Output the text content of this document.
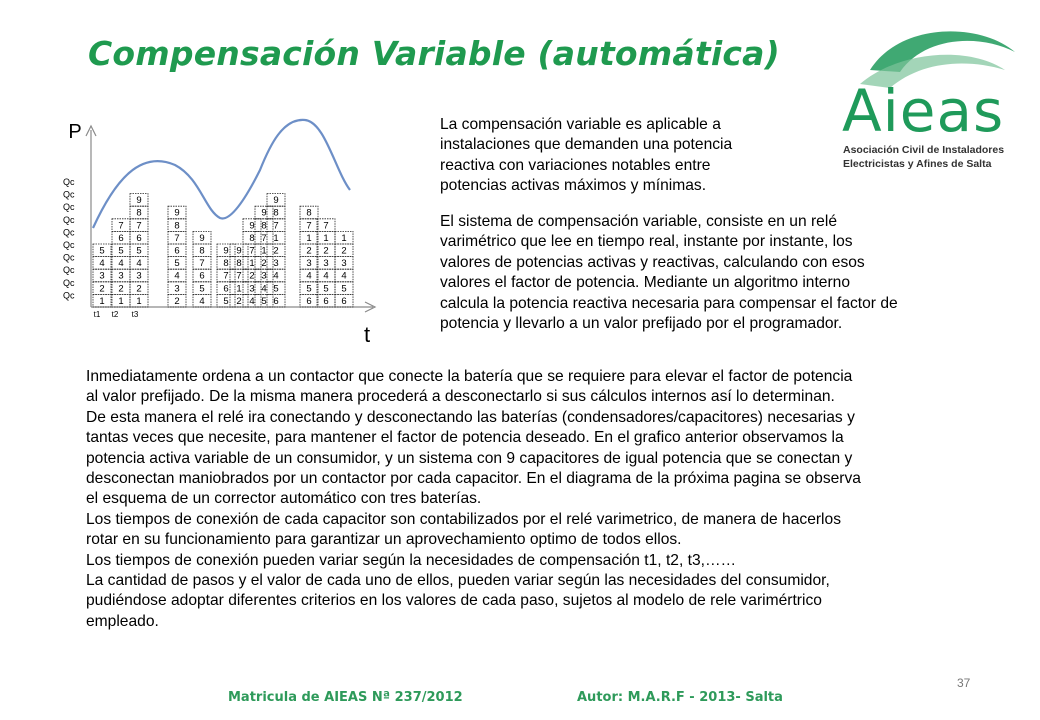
Compensación Variable (automática)
Aieas
Asociación Civil de Instaladores
Electricistas y Afines de Salta
P
t
Qc
Qc
Qc
Qc
Qc
Qc
Qc
Qc
Qc
Qc
t1 t2 t3
1
2
3
4
5
1
2
3
4
5
6
7
1
2
3
4
5
6
7
8
9
2
3
4
5
6
7
8
9
4
5
6
7
8
9
5
6
7
8
9
2
1
7
8
9
4
3
2
1
7
8
9
5
4
3
2
1
7
8
9
6
5
4
3
2
1
7
8
9
6
5
4
3
2
1
7
8
6
5
4
3
2
1
7
6
5
4
3
2
1
La compensación variable es aplicable a
instalaciones que demanden una potencia
reactiva con variaciones notables entre
potencias activas máximos y mínimas.
El sistema de compensación variable, consiste en un relé
varimétrico que lee en tiempo real, instante por instante, los
valores de potencias activas y reactivas, calculando con esos
valores el factor de potencia. Mediante un algoritmo interno
calcula la potencia reactiva necesaria para compensar el factor de
potencia y llevarlo a un valor prefijado por el programador.
Inmediatamente ordena a un contactor que conecte la batería que se requiere para elevar el factor de potencia
al valor prefijado. De la misma manera procederá a desconectarlo si sus cálculos internos así lo determinan.
De esta manera el relé ira conectando y desconectando las baterías (condensadores/capacitores) necesarias y
tantas veces que necesite, para mantener el factor de potencia deseado. En el grafico anterior observamos la
potencia activa variable de un consumidor, y un sistema con 9 capacitores de igual potencia que se conectan y
desconectan maniobrados por un contactor por cada capacitor. En el diagrama de la próxima pagina se observa
el esquema de un corrector automático con tres baterías.
Los tiempos de conexión de cada capacitor son contabilizados por el relé varimetrico, de manera de hacerlos
rotar en su funcionamiento para garantizar un aprovechamiento optimo de todos ellos.
Los tiempos de conexión pueden variar según la necesidades de compensación t1, t2, t3,……
La cantidad de pasos y el valor de cada uno de ellos, pueden variar según las necesidades del consumidor,
pudiéndose adoptar diferentes criterios en los valores de cada paso, sujetos al modelo de rele varimértrico
empleado.
37
Matricula de AIEAS Nª 237/2012	Autor: M.A.R.F - 2013- Salta
